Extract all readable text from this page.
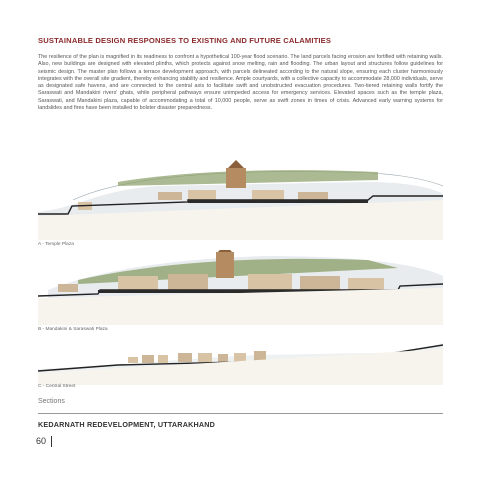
SUSTAINABLE DESIGN RESPONSES TO EXISTING AND FUTURE CALAMITIES
The resilience of the plan is magnified in its readiness to confront a hypothetical 100-year flood scenario. The land parcels facing erosion are fortified with retaining walls. Also, new buildings are designed with elevated plinths, which protects against snow melting, rain and flooding. The urban layout and structures follow guidelines for seismic design. The master plan follows a terrace development approach, with parcels delineated according to the natural slope, ensuring each cluster harmoniously integrates with the overall site gradient, thereby enhancing stability and resilience. Ample courtyards, with a collective capacity to accommodate 28,000 individuals, serve as designated safe havens, and are connected to the central axis to facilitate swift and unobstructed evacuation procedures. Two-tiered retaining walls fortify the Saraswati and Mandakini rivers' ghats, while peripheral pathways ensure unimpeded access for emergency services. Elevated spaces such as the temple plaza, Saraswati, and Mandakini plaza, capable of accommodating a total of 10,000 people, serve as swift zones in times of crisis. Advanced early warning systems for landslides and fires have been installed to bolster disaster preparedness.
A - Temple Plaza
B - Mandakini & Saraswati Plaza
C - Central Street
Sections
KEDARNATH REDEVELOPMENT, UTTARAKHAND
60
